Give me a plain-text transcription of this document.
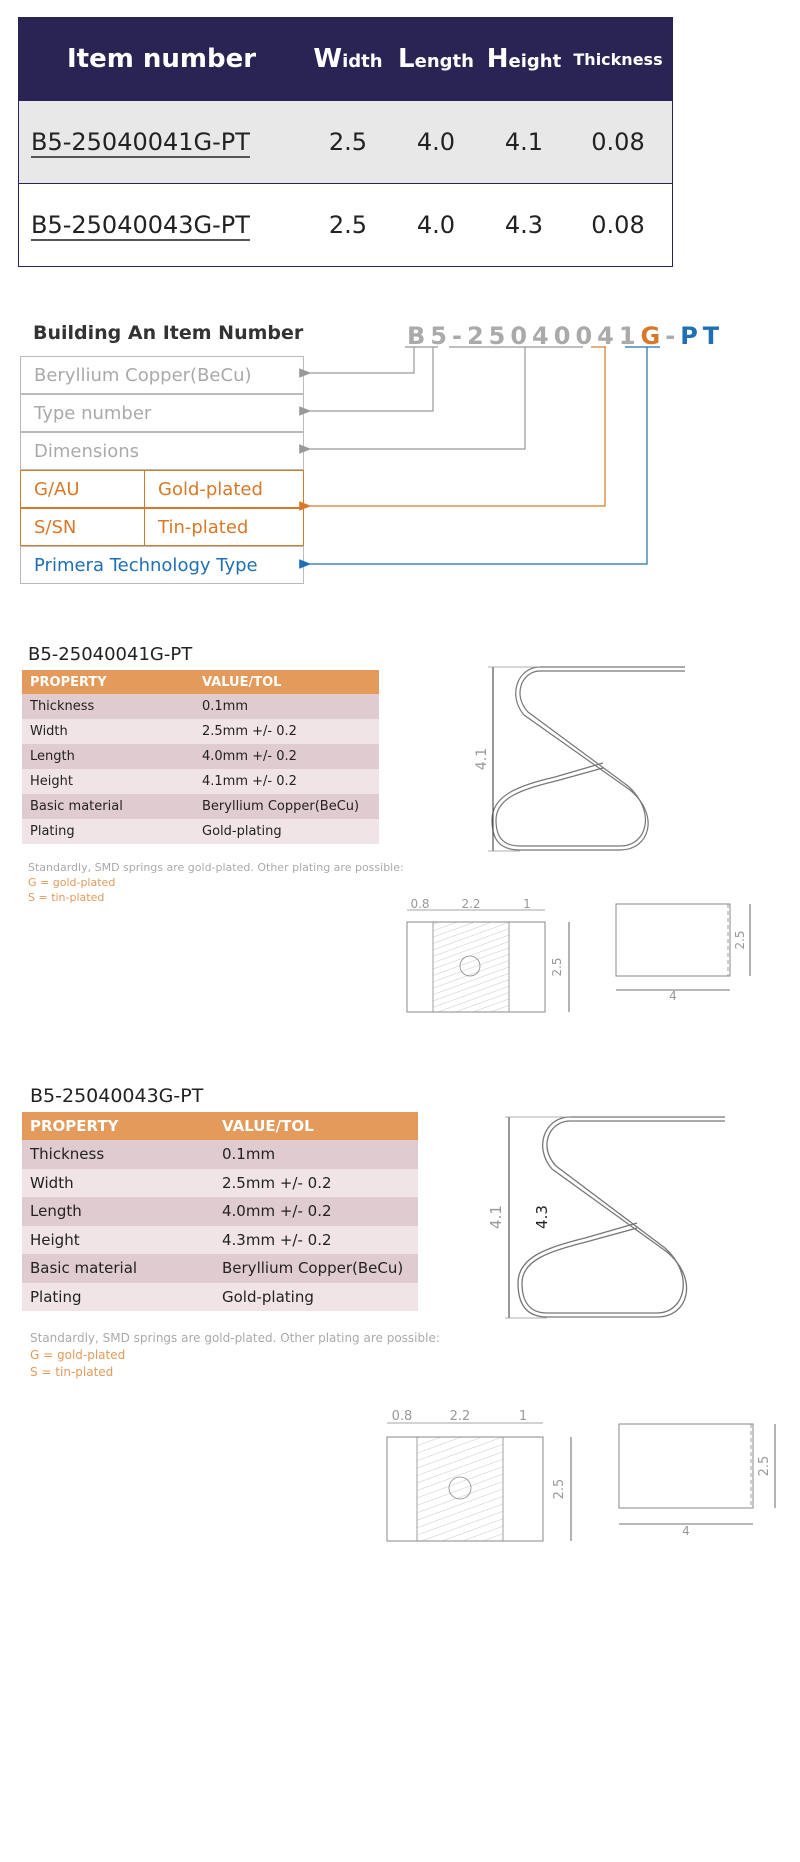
Item number	Width Length Height Thickness
B5-25040041G-PT	2.5	4.0	4.1	0.08
B5-25040043G-PT	2.5	4.0	4.3	0.08
Building An Item Number	B5-25040041G-PT
Beryllium Copper(BeCu)
Type number
Dimensions
G/AU	Gold-plated
S/SN	Tin-plated
Primera Technology Type
B5-25040041G-PT
PROPERTY	VALUE/TOL
Thickness	0.1mm
Width	2.5mm +/- 0.2
Length	4.0mm +/- 0.2
Height	4.1mm +/- 0.2
Basic material	Beryllium Copper(BeCu)
Plating	Gold-plating
Standardly, SMD springs are gold-plated. Other plating are possible:
G = gold-plated
S = tin-plated
4.1
0.8	2.2	1
2.5
2.5
4
B5-25040043G-PT
PROPERTY	VALUE/TOL
Thickness	0.1mm
Width	2.5mm +/- 0.2
Length	4.0mm +/- 0.2
Height	4.3mm +/- 0.2
Basic material	Beryllium Copper(BeCu)
Plating	Gold-plating
Standardly, SMD springs are gold-plated. Other plating are possible:
G = gold-plated
S = tin-plated
4.1 4.3
0.8	2.2	1
2.5
2.5
4
